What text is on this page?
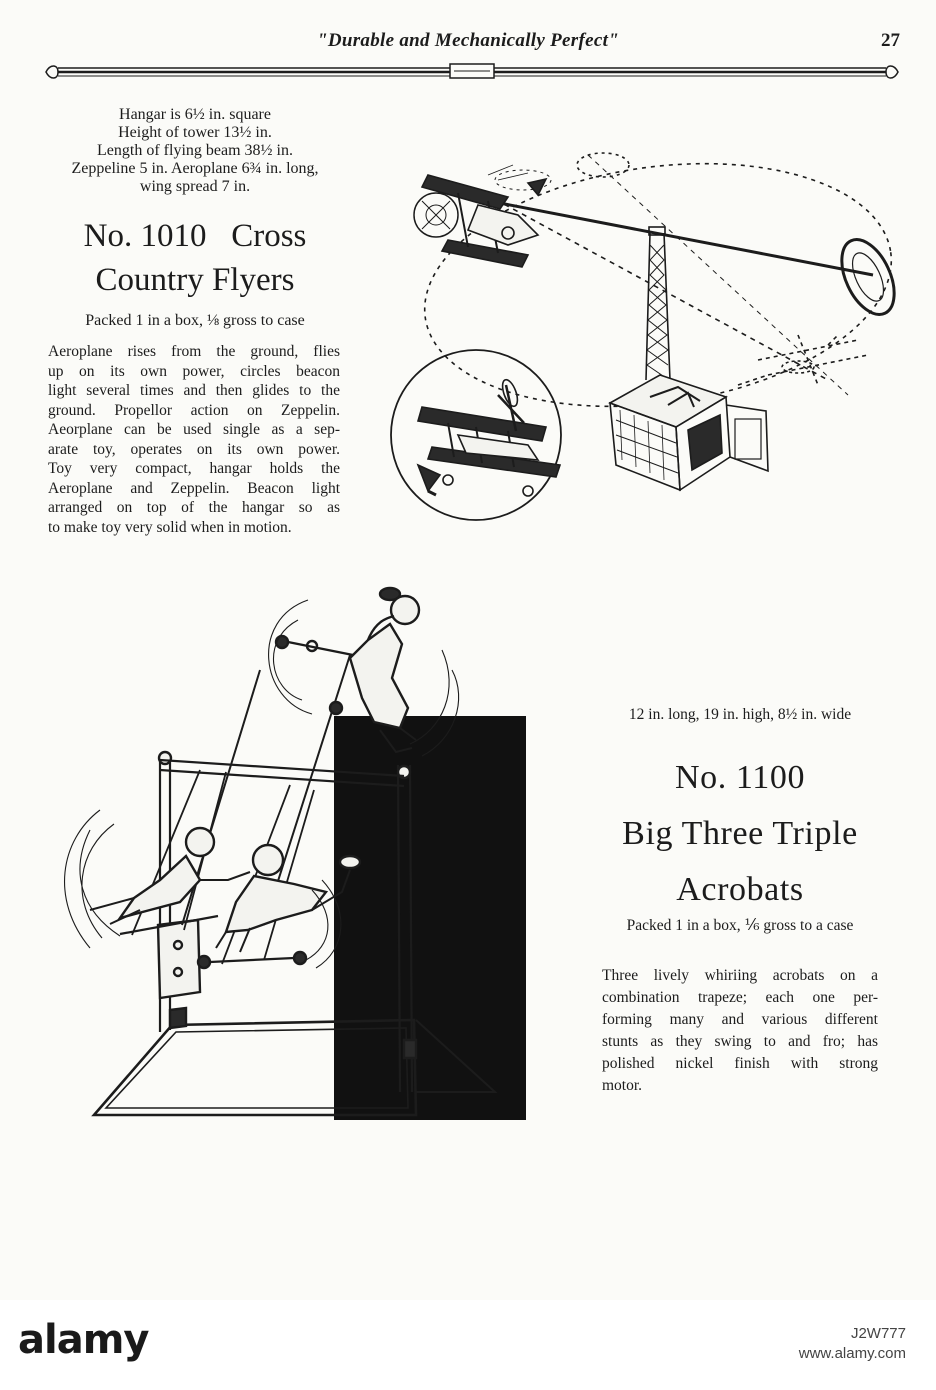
"Durable and Mechanically Perfect"	27
Hangar is 6½ in. square
Height of tower 13½ in.
Length of flying beam 38½ in.
Zeppeline 5 in. Aeroplane 6¾ in. long,
wing spread 7 in.
No. 1010   Cross
Country Flyers
Packed 1 in a box, ⅛ gross to case
Aeroplane rises from the ground, flies
up on its own power, circles beacon
light several times and then glides to the
ground. Propellor action on Zeppelin.
Aeorplane can be used single as a sep-
arate toy, operates on its own power.
Toy very compact, hangar holds the
Aeroplane and Zeppelin. Beacon light
arranged on top of the hangar so as
to make toy very solid when in motion.
12 in. long, 19 in. high, 8½ in. wide
No. 1100
Big Three Triple
Acrobats
Packed 1 in a box, ⅙ gross to a case
Three lively whiriing acrobats on a
combination trapeze; each one per-
forming many and various different
stunts as they swing to and fro; has
polished nickel finish with strong
motor.
alamy	J2W777
www.alamy.com
